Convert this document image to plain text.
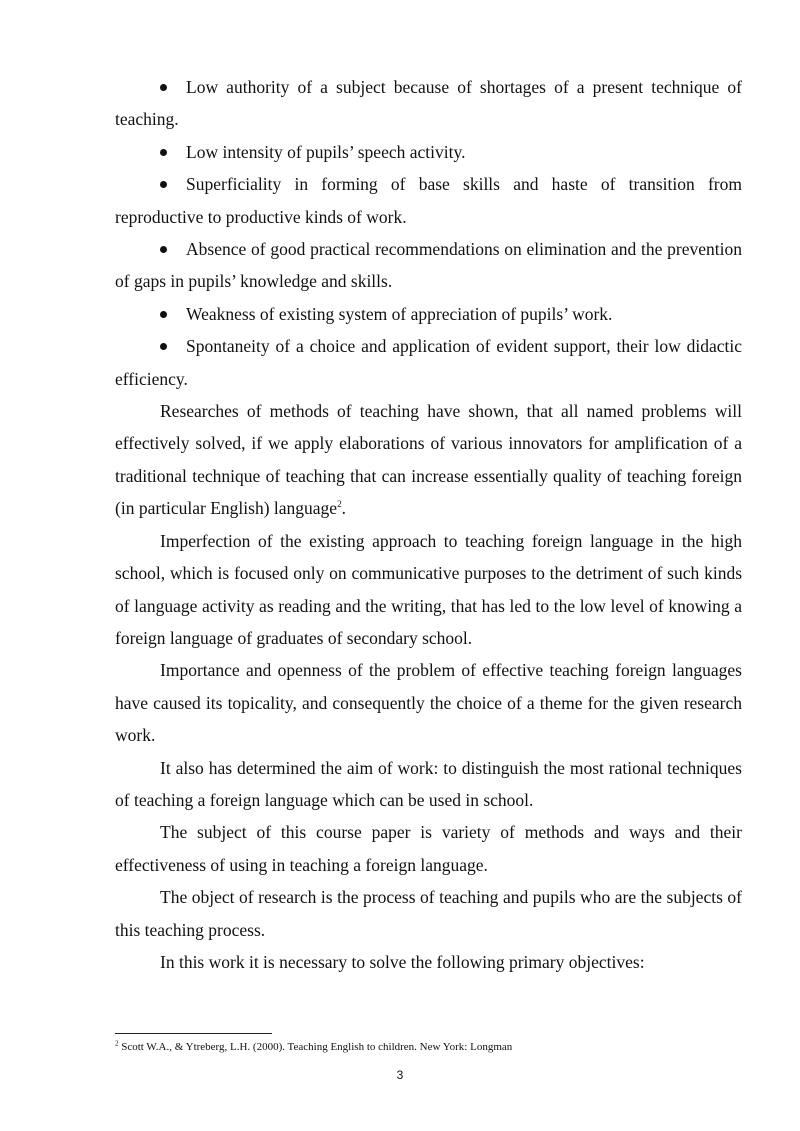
Low authority of a subject because of shortages of a present technique of teaching.

Low intensity of pupils’ speech activity.

Superficiality in forming of base skills and haste of transition from reproductive to productive kinds of work.

Absence of good practical recommendations on elimination and the prevention of gaps in pupils’ knowledge and skills.

Weakness of existing system of appreciation of pupils’ work.

Spontaneity of a choice and application of evident support, their low didactic efficiency.

Researches of methods of teaching have shown, that all named problems will effectively solved, if we apply elaborations of various innovators for amplification of a traditional technique of teaching that can increase essentially quality of teaching foreign (in particular English) language$^2$.

Imperfection of the existing approach to teaching foreign language in the high school, which is focused only on communicative purposes to the detriment of such kinds of language activity as reading and the writing, that has led to the low level of knowing a foreign language of graduates of secondary school.

Importance and openness of the problem of effective teaching foreign languages have caused its topicality, and consequently the choice of a theme for the given research work.

It also has determined the aim of work: to distinguish the most rational techniques of teaching a foreign language which can be used in school.

The subject of this course paper is variety of methods and ways and their effectiveness of using in teaching a foreign language.

The object of research is the process of teaching and pupils who are the subjects of this teaching process.

In this work it is necessary to solve the following primary objectives:

$^2$ Scott W.A., & Ytreberg, L.H. (2000). Teaching English to children. New York: Longman
3
